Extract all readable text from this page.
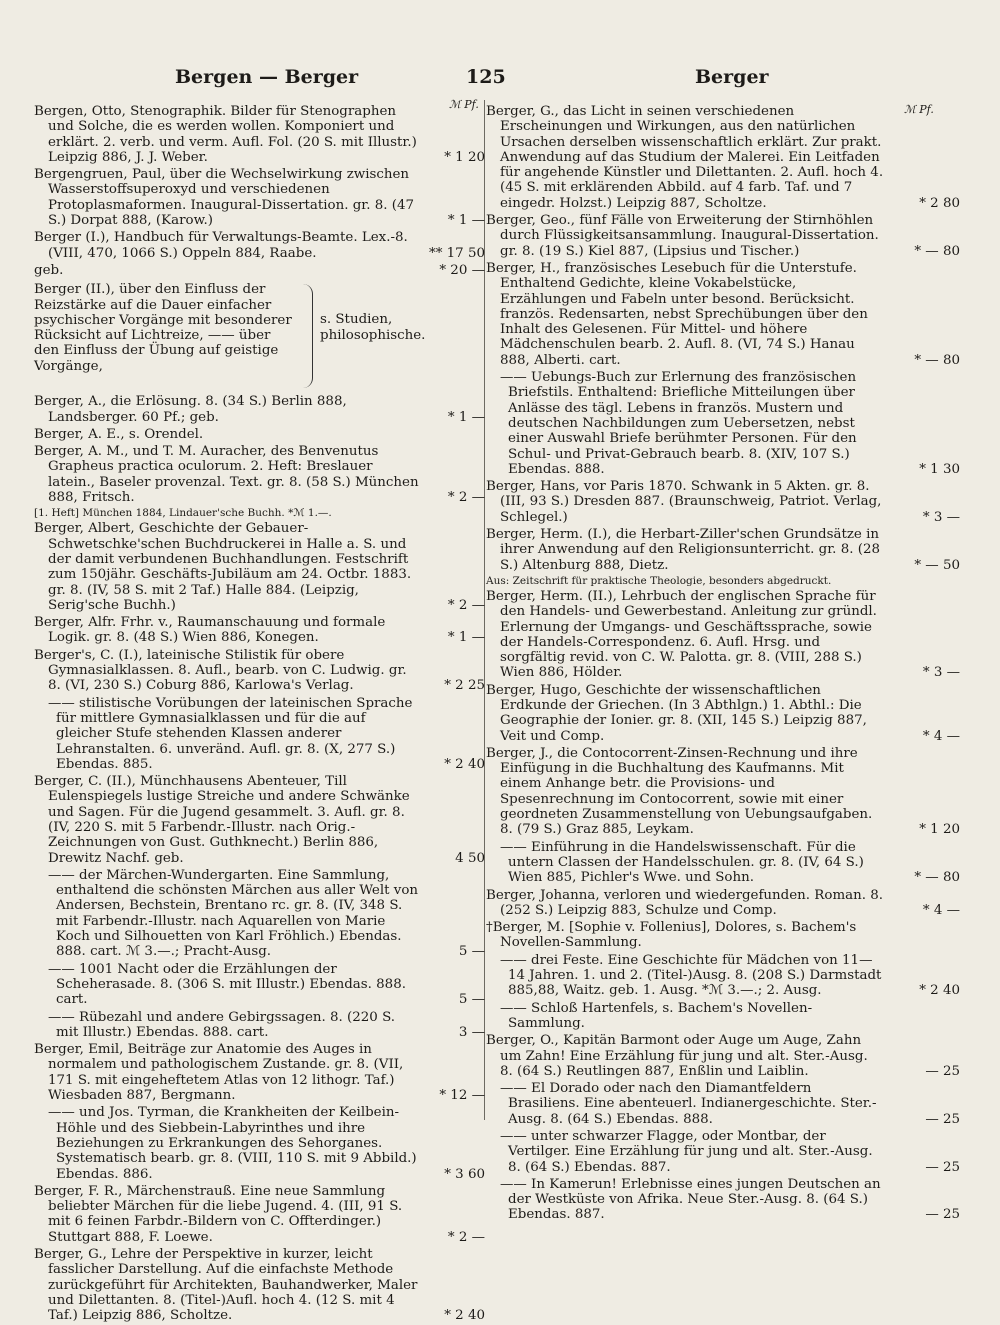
Bergen — Berger	125	Berger
ℳ Pf.	ℳ Pf.
Bergen, Otto, Stenographik. Bilder für Stenographen und Solche, die es werden wollen. Komponiert und erklärt. 2. verb. und verm. Aufl. Fol. (20 S. mit Illustr.) Leipzig 886, J. J. Weber.	* 1 20
Bergengruen, Paul, über die Wechselwirkung zwischen Wasserstoffsuperoxyd und verschiedenen Protoplasmaformen. Inaugural-Dissertation. gr. 8. (47 S.) Dorpat 888, (Karow.)	* 1 —
Berger (I.), Handbuch für Verwaltungs-Beamte. Lex.-8. (VIII, 470, 1066 S.) Oppeln 884, Raabe.	** 17 50
geb.	* 20 —
Berger (II.), über den Einfluss der Reizstärke auf die Dauer einfacher psychischer Vorgänge mit besonderer Rücksicht auf Lichtreize, —— über den Einfluss der Übung auf geistige Vorgänge,
s. Studien, philosophische.
Berger, A., die Erlösung. 8. (34 S.) Berlin 888, Landsberger. 60 Pf.; geb.	* 1 —
Berger, A. E., s. Orendel.
Berger, A. M., und T. M. Auracher, des Benvenutus Grapheus practica oculorum. 2. Heft: Breslauer latein., Baseler provenzal. Text. gr. 8. (58 S.) München 888, Fritsch.	* 2 —
[1. Heft] München 1884, Lindauer'sche Buchh. *ℳ 1.—.
Berger, Albert, Geschichte der Gebauer-Schwetschke'schen Buchdruckerei in Halle a. S. und der damit verbundenen Buchhandlungen. Festschrift zum 150jähr. Geschäfts-Jubiläum am 24. Octbr. 1883. gr. 8. (IV, 58 S. mit 2 Taf.) Halle 884. (Leipzig, Serig'sche Buchh.)	* 2 —
Berger, Alfr. Frhr. v., Raumanschauung und formale Logik. gr. 8. (48 S.) Wien 886, Konegen.	* 1 —
Berger's, C. (I.), lateinische Stilistik für obere Gymnasialklassen. 8. Aufl., bearb. von C. Ludwig. gr. 8. (VI, 230 S.) Coburg 886, Karlowa's Verlag.	* 2 25
—— stilistische Vorübungen der lateinischen Sprache für mittlere Gymnasialklassen und für die auf gleicher Stufe stehenden Klassen anderer Lehranstalten. 6. unveränd. Aufl. gr. 8. (X, 277 S.) Ebendas. 885.	* 2 40
Berger, C. (II.), Münchhausens Abenteuer, Till Eulenspiegels lustige Streiche und andere Schwänke und Sagen. Für die Jugend gesammelt. 3. Aufl. gr. 8. (IV, 220 S. mit 5 Farbendr.-Illustr. nach Orig.-Zeichnungen von Gust. Guthknecht.) Berlin 886, Drewitz Nachf. geb.	4 50
—— der Märchen-Wundergarten. Eine Sammlung, enthaltend die schönsten Märchen aus aller Welt von Andersen, Bechstein, Brentano rc. gr. 8. (IV, 348 S. mit Farbendr.-Illustr. nach Aquarellen von Marie Koch und Silhouetten von Karl Fröhlich.) Ebendas. 888. cart. ℳ 3.—.; Pracht-Ausg.	5 —
—— 1001 Nacht oder die Erzählungen der Scheherasade. 8. (306 S. mit Illustr.) Ebendas. 888. cart.	5 —
—— Rübezahl und andere Gebirgssagen. 8. (220 S. mit Illustr.) Ebendas. 888. cart.	3 —
Berger, Emil, Beiträge zur Anatomie des Auges in normalem und pathologischem Zustande. gr. 8. (VII, 171 S. mit eingeheftetem Atlas von 12 lithogr. Taf.) Wiesbaden 887, Bergmann.	* 12 —
—— und Jos. Tyrman, die Krankheiten der Keilbein-Höhle und des Siebbein-Labyrinthes und ihre Beziehungen zu Erkrankungen des Sehorganes. Systematisch bearb. gr. 8. (VIII, 110 S. mit 9 Abbild.) Ebendas. 886.	* 3 60
Berger, F. R., Märchenstrauß. Eine neue Sammlung beliebter Märchen für die liebe Jugend. 4. (III, 91 S. mit 6 feinen Farbdr.-Bildern von C. Offterdinger.) Stuttgart 888, F. Loewe.	* 2 —
Berger, G., Lehre der Perspektive in kurzer, leicht fasslicher Darstellung. Auf die einfachste Methode zurückgeführt für Architekten, Bauhandwerker, Maler und Dilettanten. 8. (Titel-)Aufl. hoch 4. (12 S. mit 4 Taf.) Leipzig 886, Scholtze.	* 2 40
Berger, G., das Licht in seinen verschiedenen Erscheinungen und Wirkungen, aus den natürlichen Ursachen derselben wissenschaftlich erklärt. Zur prakt. Anwendung auf das Studium der Malerei. Ein Leitfaden für angehende Künstler und Dilettanten. 2. Aufl. hoch 4. (45 S. mit erklärenden Abbild. auf 4 farb. Taf. und 7 eingedr. Holzst.) Leipzig 887, Scholtze.	* 2 80
Berger, Geo., fünf Fälle von Erweiterung der Stirnhöhlen durch Flüssigkeitsansammlung. Inaugural-Dissertation. gr. 8. (19 S.) Kiel 887, (Lipsius und Tischer.)	* — 80
Berger, H., französisches Lesebuch für die Unterstufe. Enthaltend Gedichte, kleine Vokabelstücke, Erzählungen und Fabeln unter besond. Berücksicht. französ. Redensarten, nebst Sprechübungen über den Inhalt des Gelesenen. Für Mittel- und höhere Mädchenschulen bearb. 2. Aufl. 8. (VI, 74 S.) Hanau 888, Alberti. cart.	* — 80
—— Uebungs-Buch zur Erlernung des französischen Briefstils. Enthaltend: Briefliche Mitteilungen über Anlässe des tägl. Lebens in französ. Mustern und deutschen Nachbildungen zum Uebersetzen, nebst einer Auswahl Briefe berühmter Personen. Für den Schul- und Privat-Gebrauch bearb. 8. (XIV, 107 S.) Ebendas. 888.	* 1 30
Berger, Hans, vor Paris 1870. Schwank in 5 Akten. gr. 8. (III, 93 S.) Dresden 887. (Braunschweig, Patriot. Verlag, Schlegel.)	* 3 —
Berger, Herm. (I.), die Herbart-Ziller'schen Grundsätze in ihrer Anwendung auf den Religionsunterricht. gr. 8. (28 S.) Altenburg 888, Dietz.	* — 50
Aus: Zeitschrift für praktische Theologie, besonders abgedruckt.
Berger, Herm. (II.), Lehrbuch der englischen Sprache für den Handels- und Gewerbestand. Anleitung zur gründl. Erlernung der Umgangs- und Geschäftssprache, sowie der Handels-Correspondenz. 6. Aufl. Hrsg. und sorgfältig revid. von C. W. Palotta. gr. 8. (VIII, 288 S.) Wien 886, Hölder.	* 3 —
Berger, Hugo, Geschichte der wissenschaftlichen Erdkunde der Griechen. (In 3 Abthlgn.) 1. Abthl.: Die Geographie der Ionier. gr. 8. (XII, 145 S.) Leipzig 887, Veit und Comp.	* 4 —
Berger, J., die Contocorrent-Zinsen-Rechnung und ihre Einfügung in die Buchhaltung des Kaufmanns. Mit einem Anhange betr. die Provisions- und Spesenrechnung im Contocorrent, sowie mit einer geordneten Zusammenstellung von Uebungsaufgaben. 8. (79 S.) Graz 885, Leykam.	* 1 20
—— Einführung in die Handelswissenschaft. Für die untern Classen der Handelsschulen. gr. 8. (IV, 64 S.) Wien 885, Pichler's Wwe. und Sohn.	* — 80
Berger, Johanna, verloren und wiedergefunden. Roman. 8. (252 S.) Leipzig 883, Schulze und Comp.	* 4 —
†Berger, M. [Sophie v. Follenius], Dolores, s. Bachem's Novellen-Sammlung.
—— drei Feste. Eine Geschichte für Mädchen von 11—14 Jahren. 1. und 2. (Titel-)Ausg. 8. (208 S.) Darmstadt 885,88, Waitz. geb. 1. Ausg. *ℳ 3.—.; 2. Ausg.	* 2 40
—— Schloß Hartenfels, s. Bachem's Novellen-Sammlung.
Berger, O., Kapitän Barmont oder Auge um Auge, Zahn um Zahn! Eine Erzählung für jung und alt. Ster.-Ausg. 8. (64 S.) Reutlingen 887, Enßlin und Laiblin.	— 25
—— El Dorado oder nach den Diamantfeldern Brasiliens. Eine abenteuerl. Indianergeschichte. Ster.-Ausg. 8. (64 S.) Ebendas. 888.	— 25
—— unter schwarzer Flagge, oder Montbar, der Vertilger. Eine Erzählung für jung und alt. Ster.-Ausg. 8. (64 S.) Ebendas. 887.	— 25
—— In Kamerun! Erlebnisse eines jungen Deutschen an der Westküste von Afrika. Neue Ster.-Ausg. 8. (64 S.) Ebendas. 887.	— 25
